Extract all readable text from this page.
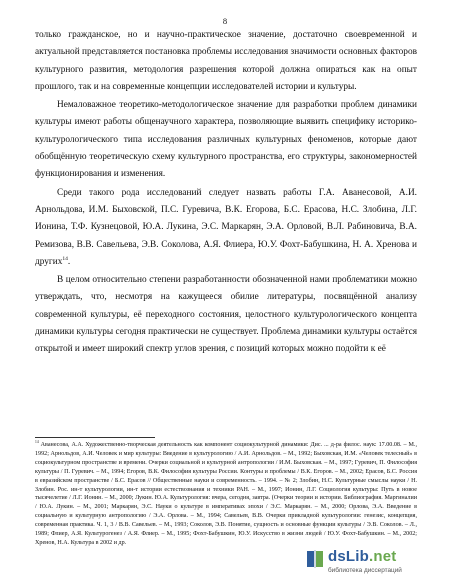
8

только гражданское, но и научно-практическое значение, достаточно своевременной и актуальной представляется постановка проблемы исследования значимости основных факторов культурного развития, методология разрешения которой должна опираться как на опыт прошлого, так и на современные концепции исследователей истории и культуры.

Немаловажное теоретико-методологическое значение для разработки проблем динамики культуры имеют работы общенаучного характера, позволяющие выявить специфику историко-культурологического типа исследования различных культурных феноменов, которые дают обобщённую теоретическую схему культурного пространства, его структуры, закономерностей функционирования и изменения.

Среди такого рода исследований следует назвать работы Г.А. Аванесовой, А.И. Арнольдова, И.М. Быховской, П.С. Гуревича, В.К. Егорова, Б.С. Ерасова, Н.С. Злобина, Л.Г. Ионина, Т.Ф. Кузнецовой, Ю.А. Лукина, Э.С. Маркарян, Э.А. Орловой, В.Л. Рабиновича, В.А. Ремизова, В.В. Савельева, Э.В. Соколова, А.Я. Флиера, Ю.У. Фохт-Бабушкина, Н. А. Хренова и других$^{14}$.

В целом относительно степени разработанности обозначенной нами проблематики можно утверждать, что, несмотря на кажущееся обилие литературы, посвящённой анализу современной культуры, её переходного состояния, целостного культурологического концепта динамики культуры сегодня практически не существует. Проблема динамики культуры остаётся открытой и имеет широкий спектр углов зрения, с позиций которых можно подойти к её

$^{14}$ Аванесова, А.А. Художественно-творческая деятельность как компонент социокультурной динамики: Дис. ... д-ра филос. наук: 17.00.08. – М., 1992; Арнольдов, А.И. Человек и мир культуры: Введение в культурологию / А.И. Арнольдов. – М., 1992; Быховская, И.М. «Человек телесный» в социокультурном пространстве и времени. Очерки социальной и культурной антропологии / И.М. Быховская. – М., 1997; Гуревич, П. Философия культуры / П. Гуревич. – М., 1994; Егоров, В.К. Философия культуры России. Контуры и проблемы / В.К. Егоров. – М., 2002; Ерасов, Б.С. Россия в евразийском пространстве / Б.С. Ерасов // Общественные науки и современность. – 1994. – № 2; Злобин, Н.С. Культурные смыслы науки / Н. Злобин. Рос. ин-т культурологии, ин-т истории естествознания и техники РАН. – М., 1997; Ионин, Л.Г. Социология культуры: Путь в новое тысячелетие / Л.Г. Ионин. – М., 2000; Лукин. Ю.А. Культурология: вчера, сегодня, завтра. (Очерки теории и истории. Библиография. Маргиналии / Ю.А. Лукин. – М., 2001; Маркарян, Э.С. Науки о культуре в императивах эпохи / Э.С. Маркарян. – М., 2000; Орлова, Э.А. Введение в социальную и культурную антропологию / Э.А. Орлова. – М., 1994; Савельев, В.В. Очерки прикладной культурологии: генезис, концепция, современная практика. Ч. 1, 3 / В.В. Савельев. – М., 1993; Соколов, Э.В. Понятие, сущность и основные функции культуры / Э.В. Соколов. – Л., 1989; Флиер, А.Я. Культурогенез / А.Я. Флиер. – М., 1995; Фохт-Бабушкин, Ю.У. Искусство в жизни людей / Ю.У. Фохт-Бабушкин. – М., 2002; Хренов, Н.А. Культура в 2002 и др.
dsLib.net
библиотека диссертаций
